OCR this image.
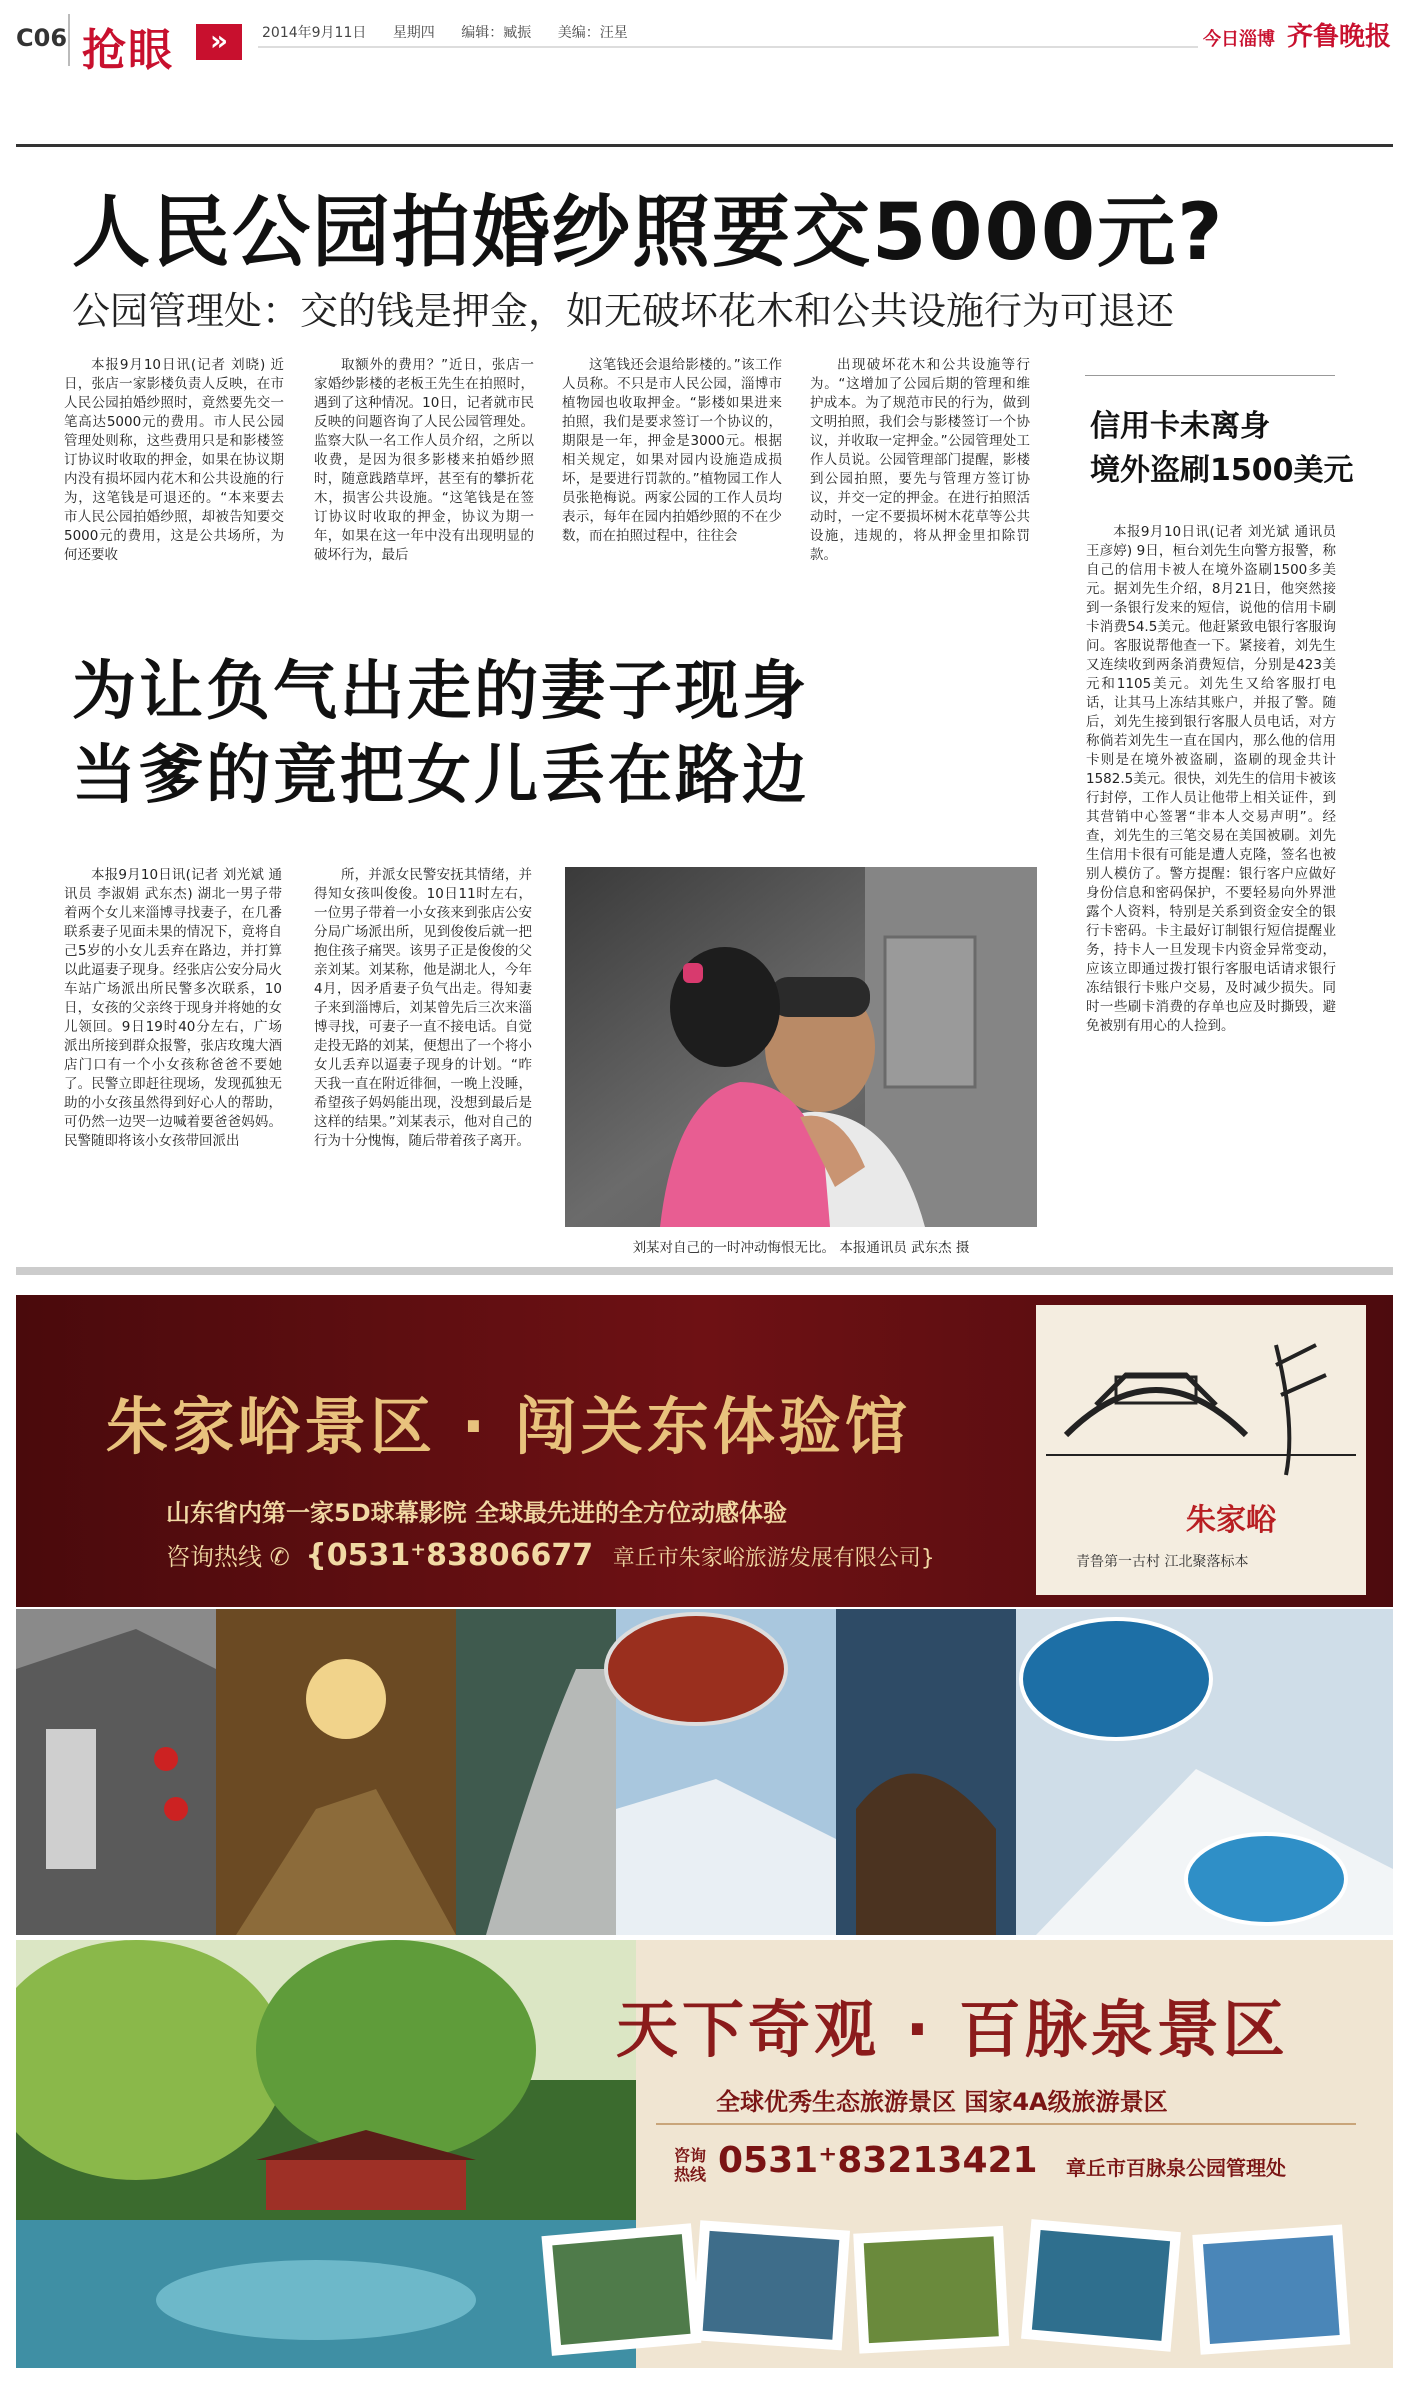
C06 抢眼	»	2014年9月11日 星期四 编辑：臧振 美编：汪星	今日淄博 齐鲁晚报
人民公园拍婚纱照要交5000元?
公园管理处：交的钱是押金，如无破坏花木和公共设施行为可退还

本报9月10日讯(记者 刘晓) 近日，张店一家影楼负责人反映，在市人民公园拍婚纱照时，竟然要先交一笔高达5000元的费用。市人民公园管理处则称，这些费用只是和影楼签订协议时收取的押金，如果在协议期内没有损坏园内花木和公共设施的行为，这笔钱是可退还的。“本来要去市人民公园拍婚纱照，却被告知要交5000元的费用，这是公共场所，为何还要收

取额外的费用？”近日，张店一家婚纱影楼的老板王先生在拍照时，遇到了这种情况。10日，记者就市民反映的问题咨询了人民公园管理处。监察大队一名工作人员介绍，之所以收费，是因为很多影楼来拍婚纱照时，随意践踏草坪，甚至有的攀折花木，损害公共设施。“这笔钱是在签订协议时收取的押金，协议为期一年，如果在这一年中没有出现明显的破坏行为，最后

这笔钱还会退给影楼的。”该工作人员称。不只是市人民公园，淄博市植物园也收取押金。“影楼如果进来拍照，我们是要求签订一个协议的，期限是一年，押金是3000元。根据相关规定，如果对园内设施造成损坏，是要进行罚款的。”植物园工作人员张艳梅说。两家公园的工作人员均表示，每年在园内拍婚纱照的不在少数，而在拍照过程中，往往会

出现破坏花木和公共设施等行为。“这增加了公园后期的管理和维护成本。为了规范市民的行为，做到文明拍照，我们会与影楼签订一个协议，并收取一定押金。”公园管理处工作人员说。公园管理部门提醒，影楼到公园拍照，要先与管理方签订协议，并交一定的押金。在进行拍照活动时，一定不要损坏树木花草等公共设施，违规的，将从押金里扣除罚款。

为让负气出走的妻子现身
当爹的竟把女儿丢在路边

本报9月10日讯(记者 刘光斌 通讯员 李淑娟 武东杰) 湖北一男子带着两个女儿来淄博寻找妻子，在几番联系妻子见面未果的情况下，竟将自己5岁的小女儿丢弃在路边，并打算以此逼妻子现身。经张店公安分局火车站广场派出所民警多次联系，10日，女孩的父亲终于现身并将她的女儿领回。9日19时40分左右，广场派出所接到群众报警，张店玫瑰大酒店门口有一个小女孩称爸爸不要她了。民警立即赶往现场，发现孤独无助的小女孩虽然得到好心人的帮助，可仍然一边哭一边喊着要爸爸妈妈。民警随即将该小女孩带回派出

所，并派女民警安抚其情绪，并得知女孩叫俊俊。10日11时左右，一位男子带着一小女孩来到张店公安分局广场派出所，见到俊俊后就一把抱住孩子痛哭。该男子正是俊俊的父亲刘某。刘某称，他是湖北人，今年4月，因矛盾妻子负气出走。得知妻子来到淄博后，刘某曾先后三次来淄博寻找，可妻子一直不接电话。自觉走投无路的刘某，便想出了一个将小女儿丢弃以逼妻子现身的计划。“昨天我一直在附近徘徊，一晚上没睡，希望孩子妈妈能出现，没想到最后是这样的结果。”刘某表示，他对自己的行为十分愧悔，随后带着孩子离开。

刘某对自己的一时冲动悔恨无比。 本报通讯员 武东杰 摄
信用卡未离身
境外盗刷1500美元

本报9月10日讯(记者 刘光斌 通讯员 王彦婷) 9日，桓台刘先生向警方报警，称自己的信用卡被人在境外盗刷1500多美元。据刘先生介绍，8月21日，他突然接到一条银行发来的短信，说他的信用卡刷卡消费54.5美元。他赶紧致电银行客服询问。客服说帮他查一下。紧接着，刘先生又连续收到两条消费短信，分别是423美元和1105美元。刘先生又给客服打电话，让其马上冻结其账户，并报了警。随后，刘先生接到银行客服人员电话，对方称倘若刘先生一直在国内，那么他的信用卡则是在境外被盗刷，盗刷的现金共计1582.5美元。很快，刘先生的信用卡被该行封停，工作人员让他带上相关证件，到其营销中心签署“非本人交易声明”。经查，刘先生的三笔交易在美国被刷。刘先生信用卡很有可能是遭人克隆，签名也被别人模仿了。警方提醒：银行客户应做好身份信息和密码保护，不要轻易向外界泄露个人资料，特别是关系到资金安全的银行卡密码。卡主最好订制银行短信提醒业务，持卡人一旦发现卡内资金异常变动，应该立即通过拨打银行客服电话请求银行冻结银行卡账户交易，及时减少损失。同时一些刷卡消费的存单也应及时撕毁，避免被别有用心的人捡到。

朱家峪景区 · 闯关东体验馆
山东省内第一家5D球幕影院 全球最先进的全方位动感体验
咨询热线 ✆ {0531⁺83806677 章丘市朱家峪旅游发展有限公司}
朱家峪
青鲁第一古村 江北聚落标本
天下奇观 · 百脉泉景区
全球优秀生态旅游景区 国家4A级旅游景区
咨询热线 0531⁺83213421 章丘市百脉泉公园管理处
